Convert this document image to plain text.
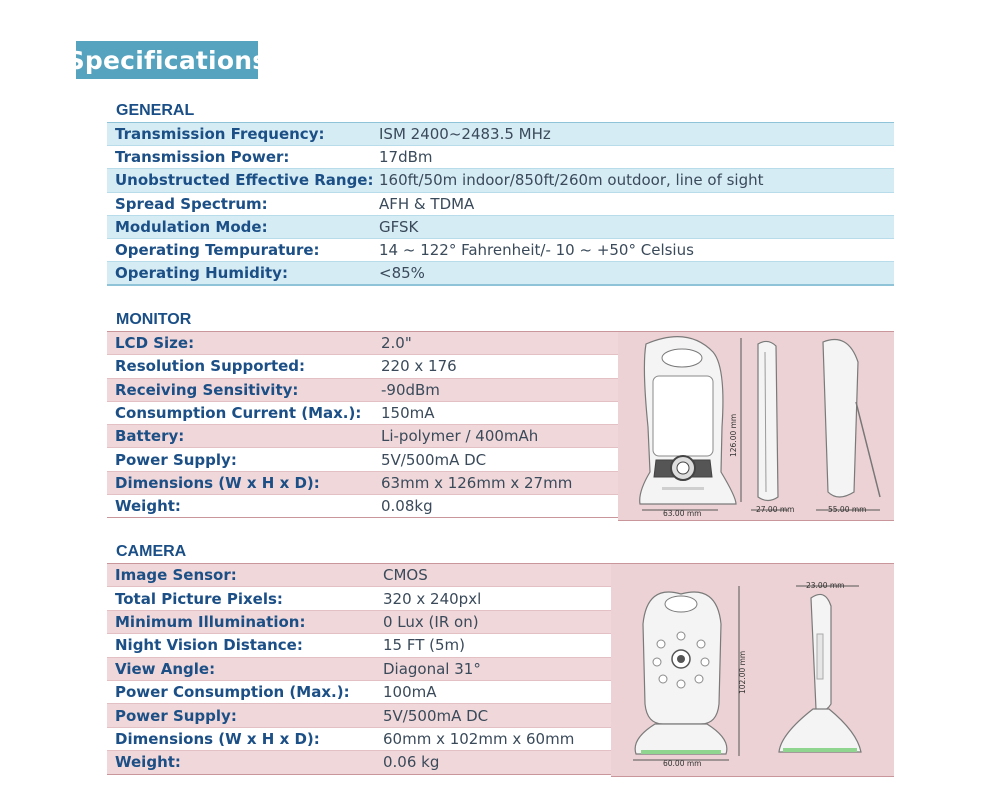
Specifications
GENERAL
Transmission Frequency:	ISM 2400~2483.5 MHz
Transmission Power:	17dBm
Unobstructed Effective Range: 160ft/50m indoor/850ft/260m outdoor, line of sight
Spread Spectrum:	AFH & TDMA
Modulation Mode:	GFSK
Operating Tempurature:	14 ~ 122° Fahrenheit/- 10 ~ +50° Celsius
Operating Humidity:	<85%
MONITOR
LCD Size:	2.0"
Resolution Supported:	220 x 176
Receiving Sensitivity:	-90dBm
Consumption Current (Max.): 150mA
Battery:	Li-polymer / 400mAh
Power Supply:	5V/500mA DC
Dimensions (W x H x D):	63mm x 126mm x 27mm
Weight:	0.08kg	63.00 mm
126.00 mm
27.00 mm	55.00 mm
CAMERA
Image Sensor:	CMOS
Total Picture Pixels:	320 x 240pxl
Minimum Illumination:	0 Lux (IR on)
Night Vision Distance:	15 FT (5m)
View Angle:	Diagonal 31°
Power Consumption (Max.): 100mA
Power Supply:	5V/500mA DC
Dimensions (W x H x D):	60mm x 102mm x 60mm
Weight:	0.06 kg	60.00 mm
102.00 mm
23.00 mm
